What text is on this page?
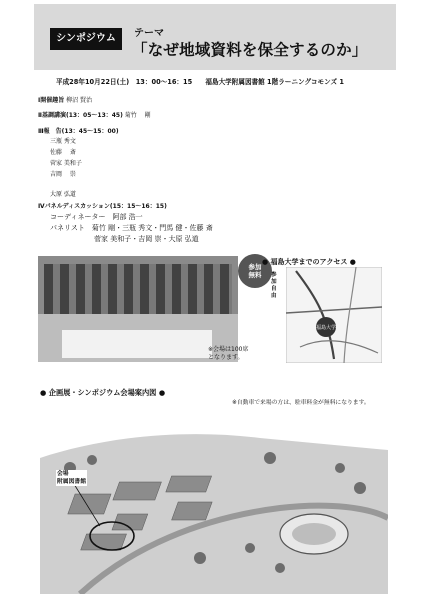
シンポジウム	テーマ
「なぜ地域資料を保全するのか」
平成28年10月22日(土)　13：00〜16：15　　福島大学附属図書館 1階ラーニングコモンズ 1
Ⅰ開催趣旨 柳沼 賢治
Ⅱ基調講演(13：05〜13：45) 菊竹 　剛
Ⅲ報　告(13：45〜15：00)
三瓶 秀文
佐藤 　斎
菅家 美和子
吉岡 　崇
大原 弘道
Ⅳパネルディスカッション(15：15〜16：15)
コーディネーター　阿部 浩一
パネリスト　菊竹 剛・三瓶 秀文・門馬 健・佐藤 斎
菅家 美和子・吉岡 崇・大原 弘道
参加
無料	参加自由
※会場は100席
となります。
● 福島大学までのアクセス ●
福島大学
● 企画展・シンポジウム会場案内図 ●
※自動車で来場の方は、駐車料金が無料になります。
会場
附属図書館
